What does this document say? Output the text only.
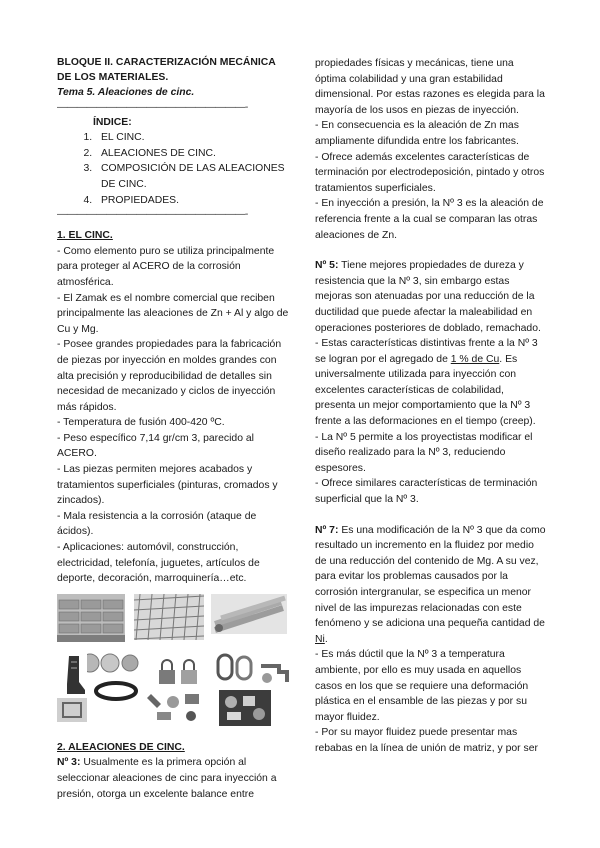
BLOQUE II. CARACTERIZACIÓN MECÁNICA DE LOS MATERIALES.
Tema 5. Aleaciones de cinc.
———————————————————-
ÍNDICE:
1. EL CINC.
2. ALEACIONES DE CINC.
3. COMPOSICIÓN DE LAS ALEACIONES DE CINC.
4. PROPIEDADES.
———————————————————-
1. EL CINC.

- Como elemento puro se utiliza principalmente para proteger al ACERO de la corrosión atmosférica.

- El Zamak es el nombre comercial que reciben principalmente las aleaciones de Zn + Al y algo de Cu y Mg.

- Posee grandes propiedades para la fabricación de piezas por inyección en moldes grandes con alta precisión y reproducibilidad de detalles sin necesidad de mecanizado y ciclos de inyección más rápidos.

- Temperatura de fusión 400-420 ºC.

- Peso específico 7,14 gr/cm 3, parecido al ACERO.

- Las piezas permiten mejores acabados y tratamientos superficiales (pinturas, cromados y zincados).

- Mala resistencia a la corrosión (ataque de ácidos).

- Aplicaciones: automóvil, construcción, electricidad, telefonía, juguetes, artículos de deporte, decoración, marroquinería…etc.

∎∎∎
2. ALEACIONES DE CINC.

Nº 3: Usualmente es la primera opción al seleccionar aleaciones de cinc para inyección a presión, otorga un excelente balance entre

propiedades físicas y mecánicas, tiene una óptima colabilidad y una gran estabilidad dimensional. Por estas razones es elegida para la mayoría de los usos en piezas de inyección.

- En consecuencia es la aleación de Zn mas ampliamente difundida entre los fabricantes.

- Ofrece además excelentes características de terminación por electrodeposición, pintado y otros tratamientos superficiales.

- En inyección a presión, la Nº 3 es la aleación de referencia frente a la cual se comparan las otras aleaciones de Zn.

Nº 5: Tiene mejores propiedades de dureza y resistencia que la Nº 3, sin embargo estas mejoras son atenuadas por una reducción de la ductilidad que puede afectar la maleabilidad en operaciones posteriores de doblado, remachado.

- Estas características distintivas frente a la Nº 3 se logran por el agregado de 1 % de Cu. Es universalmente utilizada para inyección con excelentes características de colabilidad, presenta un mejor comportamiento que la Nº 3 frente a las deformaciones en el tiempo (creep).

- La Nº 5 permite a los proyectistas modificar el diseño realizado para la Nº 3, reduciendo espesores.

- Ofrece similares características de terminación superficial que la Nº 3.

Nº 7: Es una modificación de la Nº 3 que da como resultado un incremento en la fluidez por medio de una reducción del contenido de Mg. A su vez, para evitar los problemas causados por la corrosión intergranular, se especifica un menor nivel de las impurezas relacionadas con este fenómeno y se adiciona una pequeña cantidad de Ni.

- Es más dúctil que la Nº 3 a temperatura ambiente, por ello es muy usada en aquellos casos en los que se requiere una deformación plástica en el ensamble de las piezas y por su mayor fluidez.

- Por su mayor fluidez puede presentar mas rebabas en la línea de unión de matriz, y por ser
